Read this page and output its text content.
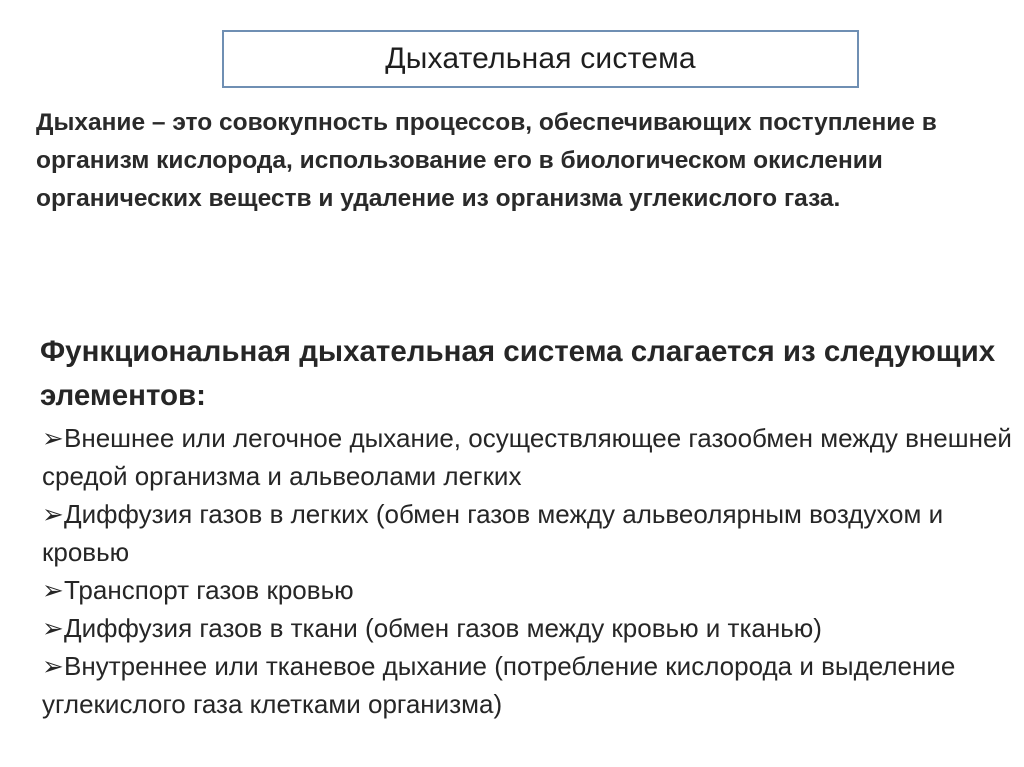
Дыхательная система

Дыхание – это совокупность процессов, обеспечивающих поступление в организм кислорода, использование его в биологическом окислении органических веществ и удаление из организма углекислого газа.

Функциональная дыхательная система слагается из следующих элементов:

➢Внешнее или легочное дыхание, осуществляющее газообмен между внешней средой организма и альвеолами легких
➢Диффузия газов в легких (обмен газов между альвеолярным воздухом и кровью
➢Транспорт газов кровью
➢Диффузия газов в ткани (обмен газов между кровью и тканью)
➢Внутреннее или тканевое дыхание (потребление кислорода и выделение углекислого газа клетками организма)
